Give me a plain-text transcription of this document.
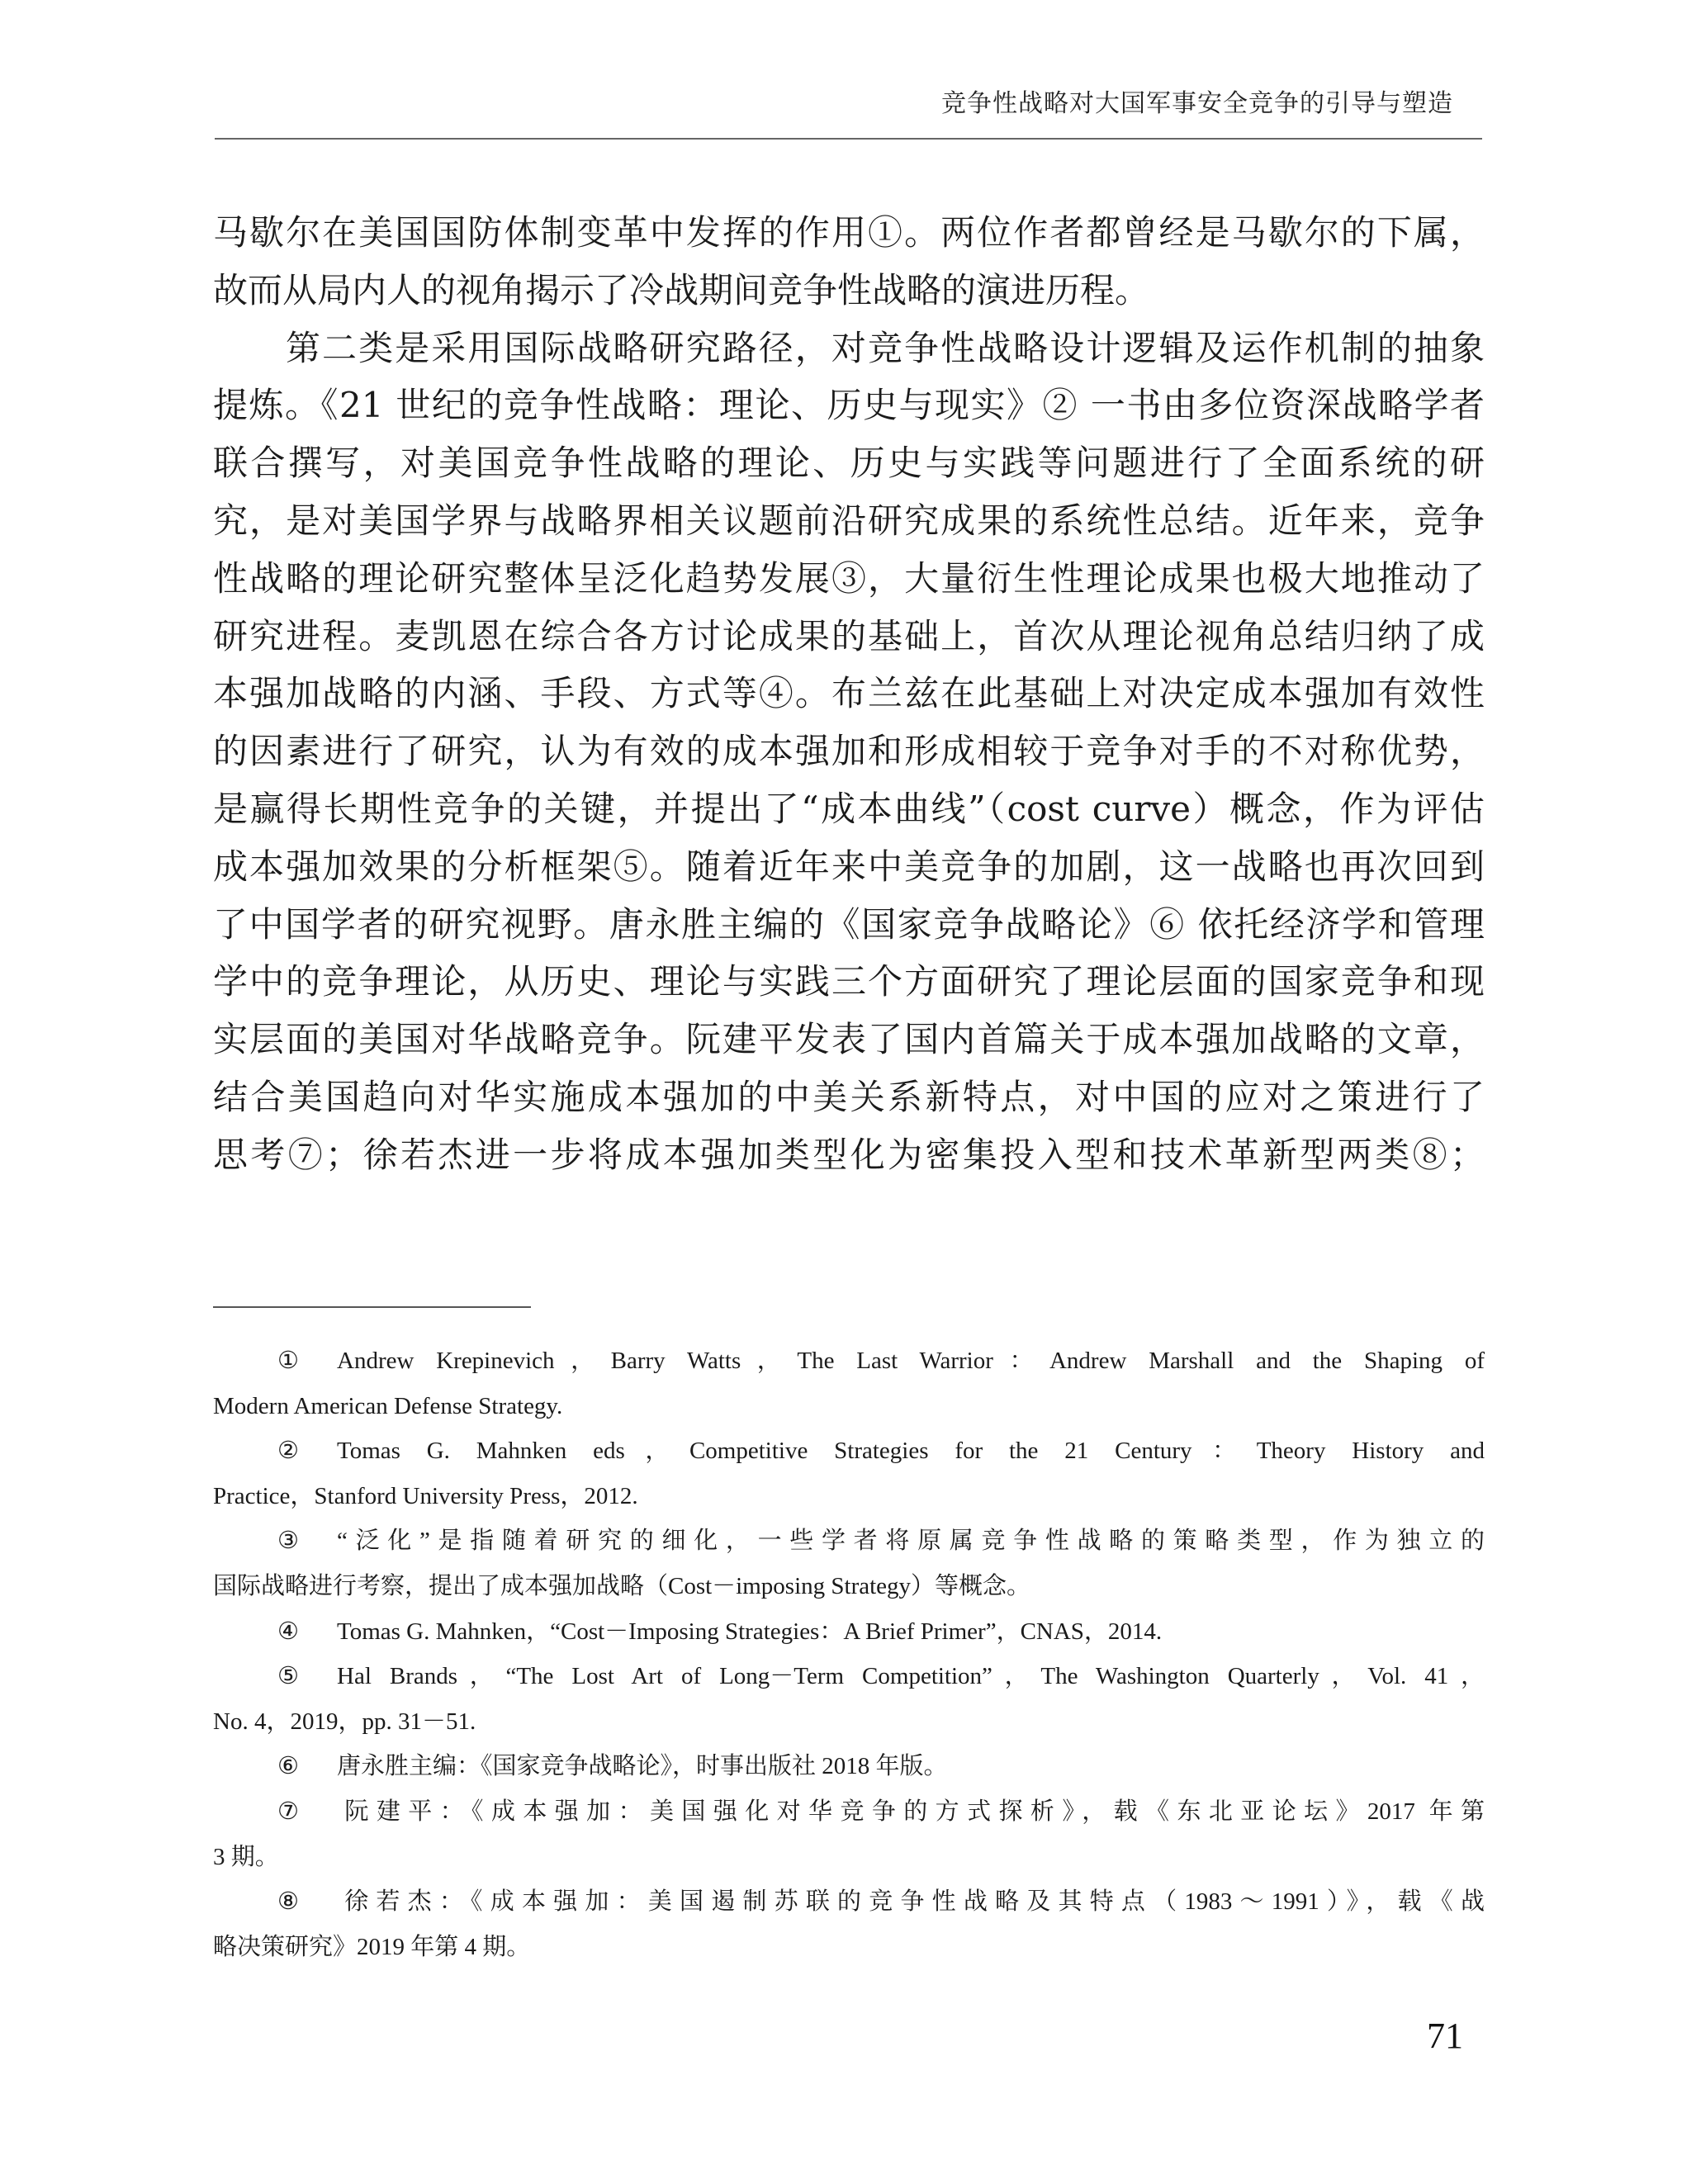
竞争性战略对大国军事安全竞争的引导与塑造
马歇尔在美国国防体制变革中发挥的作用①。两位作者都曾经是马歇尔的下属，
故而从局内人的视角揭示了冷战期间竞争性战略的演进历程。
第二类是采用国际战略研究路径，对竞争性战略设计逻辑及运作机制的抽象
提炼。《21 世纪的竞争性战略：理论、历史与现实》② 一书由多位资深战略学者
联合撰写，对美国竞争性战略的理论、历史与实践等问题进行了全面系统的研
究，是对美国学界与战略界相关议题前沿研究成果的系统性总结。近年来，竞争
性战略的理论研究整体呈泛化趋势发展③，大量衍生性理论成果也极大地推动了
研究进程。麦凯恩在综合各方讨论成果的基础上，首次从理论视角总结归纳了成
本强加战略的内涵、手段、方式等④。布兰兹在此基础上对决定成本强加有效性
的因素进行了研究，认为有效的成本强加和形成相较于竞争对手的不对称优势，
是赢得长期性竞争的关键，并提出了“成本曲线”（cost curve）概念，作为评估
成本强加效果的分析框架⑤。随着近年来中美竞争的加剧，这一战略也再次回到
了中国学者的研究视野。唐永胜主编的《国家竞争战略论》⑥ 依托经济学和管理
学中的竞争理论，从历史、理论与实践三个方面研究了理论层面的国家竞争和现
实层面的美国对华战略竞争。阮建平发表了国内首篇关于成本强加战略的文章，
结合美国趋向对华实施成本强加的中美关系新特点，对中国的应对之策进行了
思考⑦；徐若杰进一步将成本强加类型化为密集投入型和技术革新型两类⑧；
① Andrew Krepinevich，Barry Watts，The Last Warrior：Andrew Marshall and the Shaping of
Modern American Defense Strategy.
② Tomas G. Mahnken eds，Competitive Strategies for the 21 Century：Theory History and
Practice，Stanford University Press，2012.
③ “泛化”是指随着研究的细化，一些学者将原属竞争性战略的策略类型，作为独立的
国际战略进行考察，提出了成本强加战略（Cost－imposing Strategy）等概念。
④ Tomas G. Mahnken，“Cost－Imposing Strategies：A Brief Primer”，CNAS，2014.
⑤ Hal Brands，“The Lost Art of Long－Term Competition”，The Washington Quarterly，Vol. 41，
No. 4，2019，pp. 31－51.
⑥ 唐永胜主编：《国家竞争战略论》，时事出版社 2018 年版。
⑦ 阮建平：《成本强加：美国强化对华竞争的方式探析》，载《东北亚论坛》2017 年第
3 期。
⑧ 徐若杰：《成本强加：美国遏制苏联的竞争性战略及其特点（1983～1991）》，载《战
略决策研究》2019 年第 4 期。
71
